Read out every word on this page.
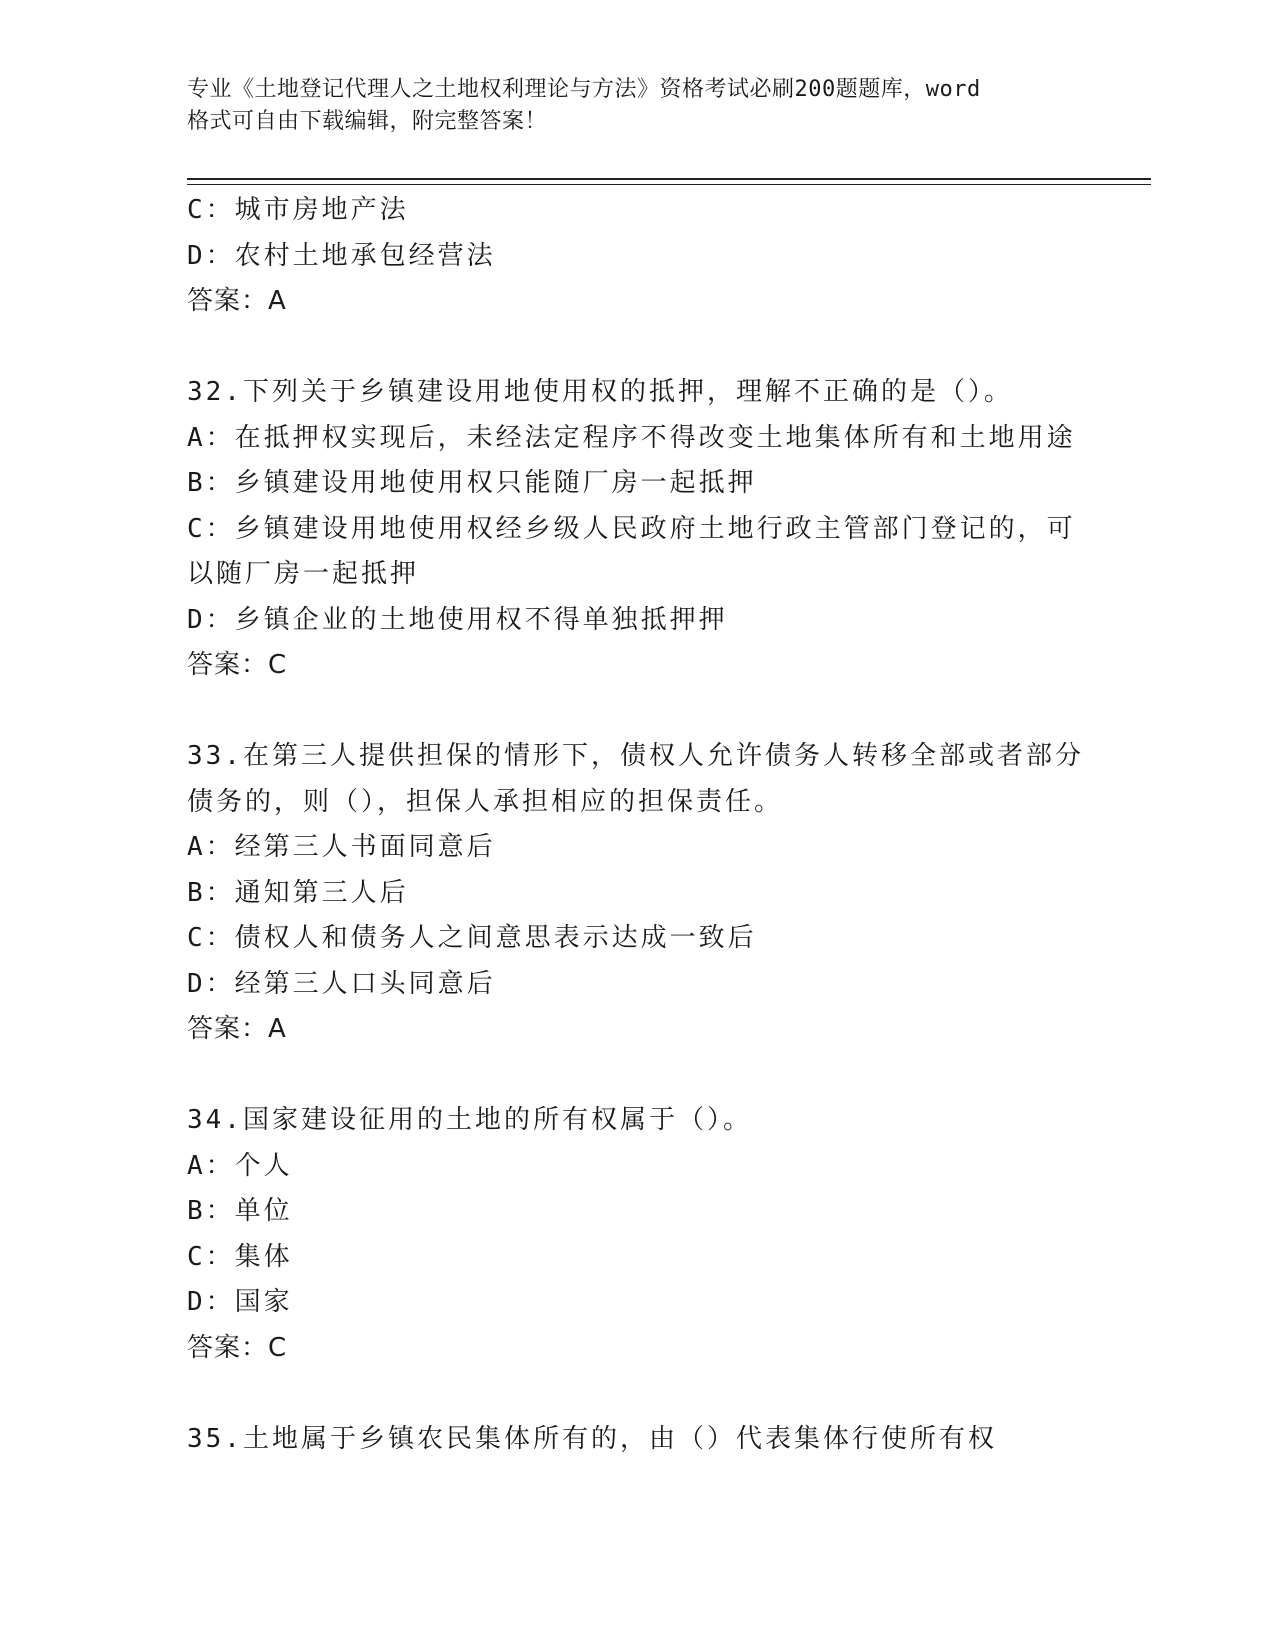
专业《土地登记代理人之土地权利理论与方法》资格考试必刷200题题库，word
格式可自由下载编辑，附完整答案！

C：城市房地产法

D：农村土地承包经营法

答案：A

32.下列关于乡镇建设用地使用权的抵押，理解不正确的是（）。

A：在抵押权实现后，未经法定程序不得改变土地集体所有和土地用途

B：乡镇建设用地使用权只能随厂房一起抵押

C：乡镇建设用地使用权经乡级人民政府土地行政主管部门登记的，可

以随厂房一起抵押

D：乡镇企业的土地使用权不得单独抵押押

答案：C

33.在第三人提供担保的情形下，债权人允许债务人转移全部或者部分

债务的，则（），担保人承担相应的担保责任。

A：经第三人书面同意后

B：通知第三人后

C：债权人和债务人之间意思表示达成一致后

D：经第三人口头同意后

答案：A

34.国家建设征用的土地的所有权属于（）。

A：个人

B：单位

C：集体

D：国家

答案：C

35.土地属于乡镇农民集体所有的，由（）代表集体行使所有权
